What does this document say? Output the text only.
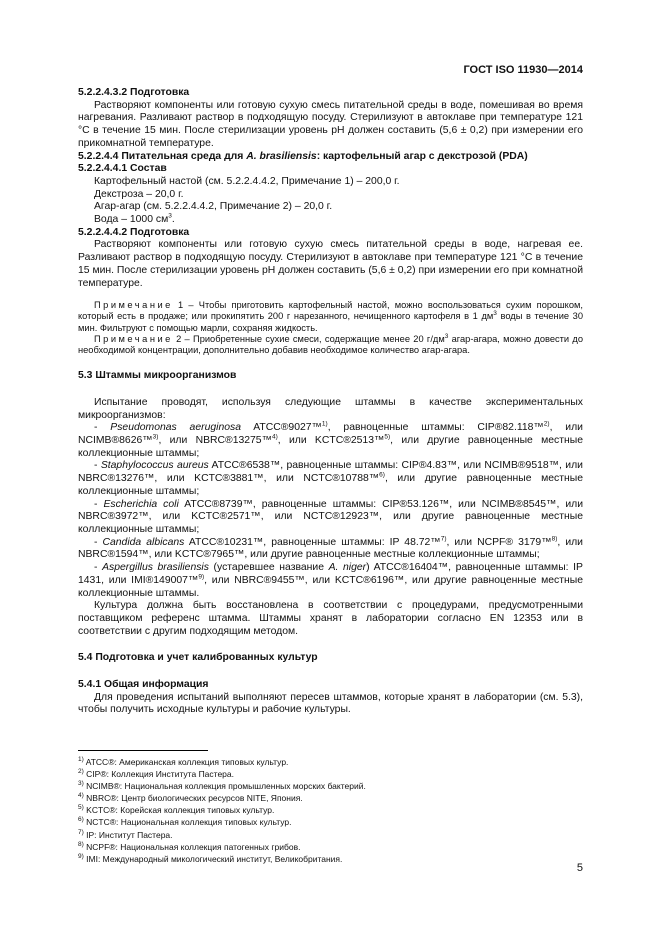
ГОСТ ISO 11930—2014

5.2.2.4.3.2 Подготовка

Растворяют компоненты или готовую сухую смесь питательной среды в воде, помешивая во время нагревания. Разливают раствор в подходящую посуду. Стерилизуют в автоклаве при температуре 121 °С в течение 15 мин. После стерилизации уровень pH должен составить (5,6 ± 0,2) при измерении его прикомнатной температуре.

5.2.2.4.4 Питательная среда для A. brasiliensis: картофельный агар с декстрозой (PDA)

5.2.2.4.4.1 Состав

Картофельный настой (см. 5.2.2.4.4.2, Примечание 1) – 200,0 г.

Декстроза – 20,0 г.

Агар-агар (см. 5.2.2.4.4.2, Примечание 2) – 20,0 г.

Вода – 1000 $см^3$.

5.2.2.4.4.2 Подготовка

Растворяют компоненты или готовую сухую смесь питательной среды в воде, нагревая ее. Разливают раствор в подходящую посуду. Стерилизуют в автоклаве при температуре 121 °С в течение 15 мин. После стерилизации уровень pH должен составить (5,6 ± 0,2) при измерении его при комнатной температуре.

Примечание 1 – Чтобы приготовить картофельный настой, можно воспользоваться сухим порошком, который есть в продаже; или прокипятить 200 г нарезанного, нечищенного картофеля в 1 $дм^3$ воды в течение 30 мин. Фильтруют с помощью марли, сохраняя жидкость.

Примечание 2 – Приобретенные сухие смеси, содержащие менее 20 $г/дм^3$ агар-агара, можно довести до необходимой концентрации, дополнительно добавив необходимое количество агар-агара.

5.3 Штаммы микроорганизмов

Испытание проводят, используя следующие штаммы в качестве экспериментальных микроорганизмов:

- Pseudomonas aeruginosa ATCC®9027™$^{1)}$, равноценные штаммы: CIP®82.118™$^{2)}$, или NCIMB®8626™$^{3)}$, или NBRC®13275™$^{4)}$, или KCTC®2513™$^{5)}$, или другие равноценные местные коллекционные штаммы;

- Staphylococcus aureus ATCC®6538™, равноценные штаммы: CIP®4.83™, или NCIMB®9518™, или NBRC®13276™, или KCTC®3881™, или NCTC®10788™$^{6)}$, или другие равноценные местные коллекционные штаммы;

- Escherichia coli ATCC®8739™, равноценные штаммы: CIP®53.126™, или NCIMB®8545™, или NBRC®3972™, или KCTC®2571™, или NCTC®12923™, или другие равноценные местные коллекционные штаммы;

- Candida albicans ATCC®10231™, равноценные штаммы: IP 48.72™$^{7)}$, или NCPF® 3179™$^{8)}$, или NBRC®1594™, или KCTC®7965™, или другие равноценные местные коллекционные штаммы;

- Aspergillus brasiliensis (устаревшее название A. niger) ATCC®16404™, равноценные штаммы: IP 1431, или IMI®149007™$^{9)}$, или NBRC®9455™, или KCTC®6196™, или другие равноценные местные коллекционные штаммы.

Культура должна быть восстановлена в соответствии с процедурами, предусмотренными поставщиком референс штамма. Штаммы хранят в лаборатории согласно EN 12353 или в соответствии с другим подходящим методом.

5.4 Подготовка и учет калиброванных культур

5.4.1 Общая информация

Для проведения испытаний выполняют пересев штаммов, которые хранят в лаборатории (см. 5.3), чтобы получить исходные культуры и рабочие культуры.

$^{1)}$ ATCC®: Американская коллекция типовых культур.

$^{2)}$ CIP®: Коллекция Института Пастера.

$^{3)}$ NCIMB®: Национальная коллекция промышленных морских бактерий.

$^{4)}$ NBRC®: Центр биологических ресурсов NITE, Япония.

$^{5)}$ KCTC®: Корейская коллекция типовых культур.

$^{6)}$ NCTC®: Национальная коллекция типовых культур.

$^{7)}$ IP: Институт Пастера.

$^{8)}$ NCPF®: Национальная коллекция патогенных грибов.

$^{9)}$ IMI: Международный микологический институт, Великобритания.

5
